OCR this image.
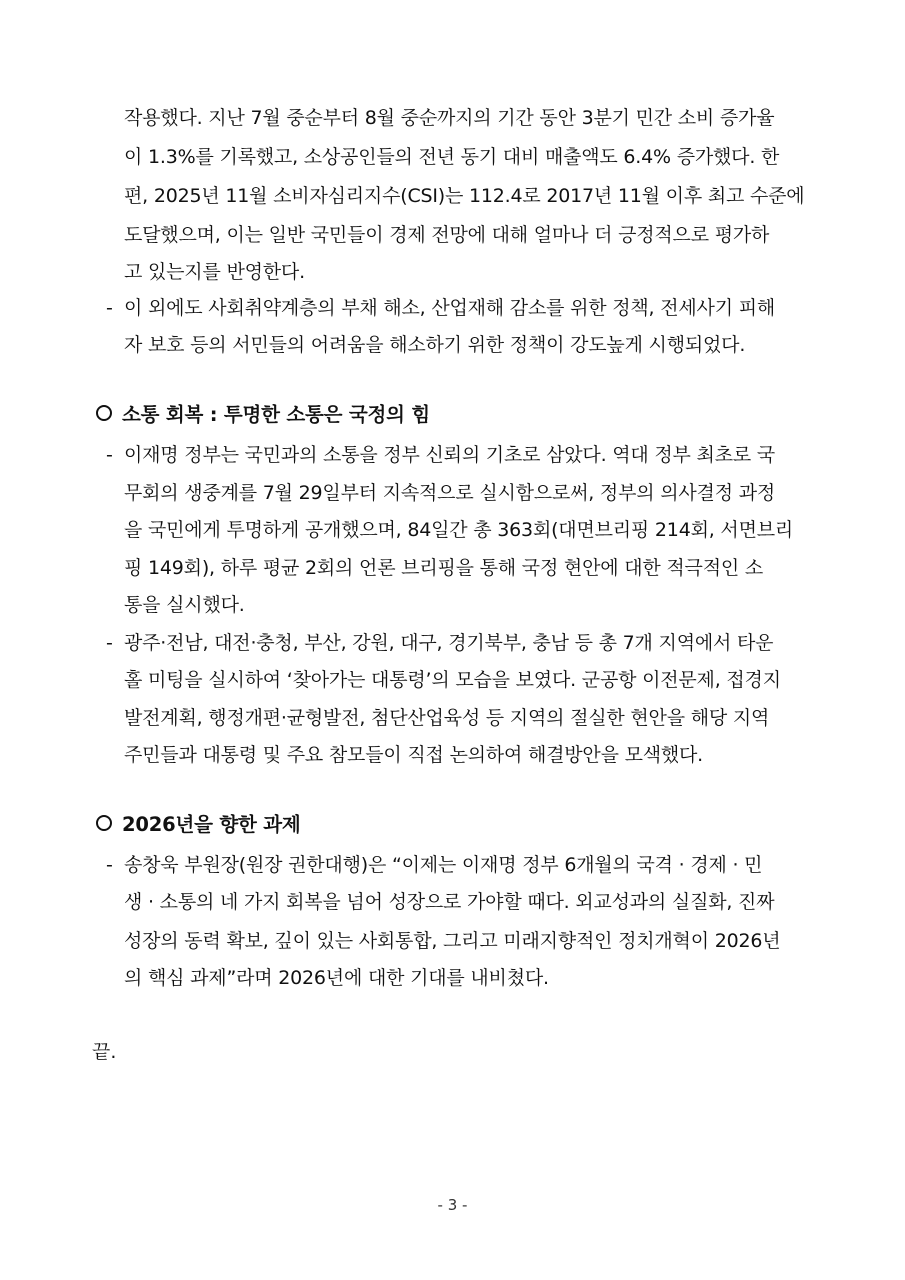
작용했다. 지난 7월 중순부터 8월 중순까지의 기간 동안 3분기 민간 소비 증가율
이 1.3%를 기록했고, 소상공인들의 전년 동기 대비 매출액도 6.4% 증가했다. 한
편, 2025년 11월 소비자심리지수(CSI)는 112.4로 2017년 11월 이후 최고 수준에
도달했으며, 이는 일반 국민들이 경제 전망에 대해 얼마나 더 긍정적으로 평가하
고 있는지를 반영한다.
- 이 외에도 사회취약계층의 부채 해소, 산업재해 감소를 위한 정책, 전세사기 피해
자 보호 등의 서민들의 어려움을 해소하기 위한 정책이 강도높게 시행되었다.
소통 회복 : 투명한 소통은 국정의 힘
- 이재명 정부는 국민과의 소통을 정부 신뢰의 기초로 삼았다. 역대 정부 최초로 국
무회의 생중계를 7월 29일부터 지속적으로 실시함으로써, 정부의 의사결정 과정
을 국민에게 투명하게 공개했으며, 84일간 총 363회(대면브리핑 214회, 서면브리
핑 149회), 하루 평균 2회의 언론 브리핑을 통해 국정 현안에 대한 적극적인 소
통을 실시했다.
- 광주·전남, 대전·충청, 부산, 강원, 대구, 경기북부, 충남 등 총 7개 지역에서 타운
홀 미팅을 실시하여 ‘찾아가는 대통령’의 모습을 보였다. 군공항 이전문제, 접경지
발전계획, 행정개편·균형발전, 첨단산업육성 등 지역의 절실한 현안을 해당 지역
주민들과 대통령 및 주요 참모들이 직접 논의하여 해결방안을 모색했다.
2026년을 향한 과제
- 송창욱 부원장(원장 권한대행)은 “이제는 이재명 정부 6개월의 국격 · 경제 · 민
생 · 소통의 네 가지 회복을 넘어 성장으로 가야할 때다. 외교성과의 실질화, 진짜
성장의 동력 확보, 깊이 있는 사회통합, 그리고 미래지향적인 정치개혁이 2026년
의 핵심 과제”라며 2026년에 대한 기대를 내비쳤다.
끝.
- 3 -
